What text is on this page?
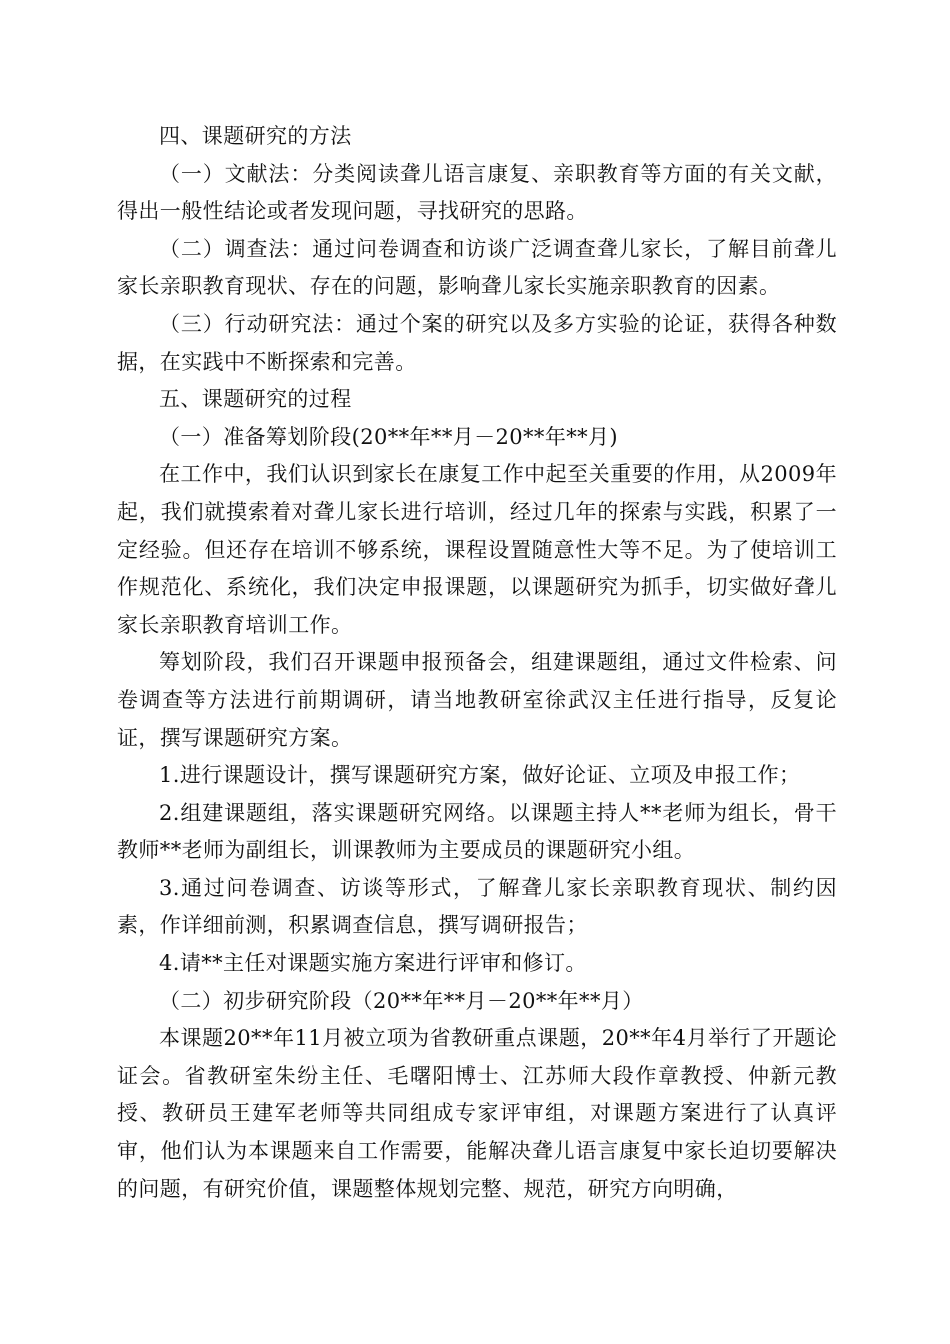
四、课题研究的方法

（一）文献法：分类阅读聋儿语言康复、亲职教育等方面的有关文献，得出一般性结论或者发现问题，寻找研究的思路。

（二）调查法：通过问卷调查和访谈广泛调查聋儿家长，了解目前聋儿家长亲职教育现状、存在的问题，影响聋儿家长实施亲职教育的因素。

（三）行动研究法：通过个案的研究以及多方实验的论证，获得各种数据，在实践中不断探索和完善。

五、课题研究的过程

（一）准备筹划阶段(20**年**月－20**年**月)

在工作中，我们认识到家长在康复工作中起至关重要的作用，从2009年起，我们就摸索着对聋儿家长进行培训，经过几年的探索与实践，积累了一定经验。但还存在培训不够系统，课程设置随意性大等不足。为了使培训工作规范化、系统化，我们决定申报课题，以课题研究为抓手，切实做好聋儿家长亲职教育培训工作。

筹划阶段，我们召开课题申报预备会，组建课题组，通过文件检索、问卷调查等方法进行前期调研，请当地教研室徐武汉主任进行指导，反复论证，撰写课题研究方案。

1.进行课题设计，撰写课题研究方案，做好论证、立项及申报工作；

2.组建课题组，落实课题研究网络。以课题主持人**老师为组长，骨干教师**老师为副组长，训课教师为主要成员的课题研究小组。

3.通过问卷调查、访谈等形式，了解聋儿家长亲职教育现状、制约因素，作详细前测，积累调查信息，撰写调研报告；

4.请**主任对课题实施方案进行评审和修订。

（二）初步研究阶段（20**年**月－20**年**月）

本课题20**年11月被立项为省教研重点课题，20**年4月举行了开题论证会。省教研室朱纷主任、毛曙阳博士、江苏师大段作章教授、仲新元教授、教研员王建军老师等共同组成专家评审组，对课题方案进行了认真评审，他们认为本课题来自工作需要，能解决聋儿语言康复中家长迫切要解决的问题，有研究价值，课题整体规划完整、规范，研究方向明确，
